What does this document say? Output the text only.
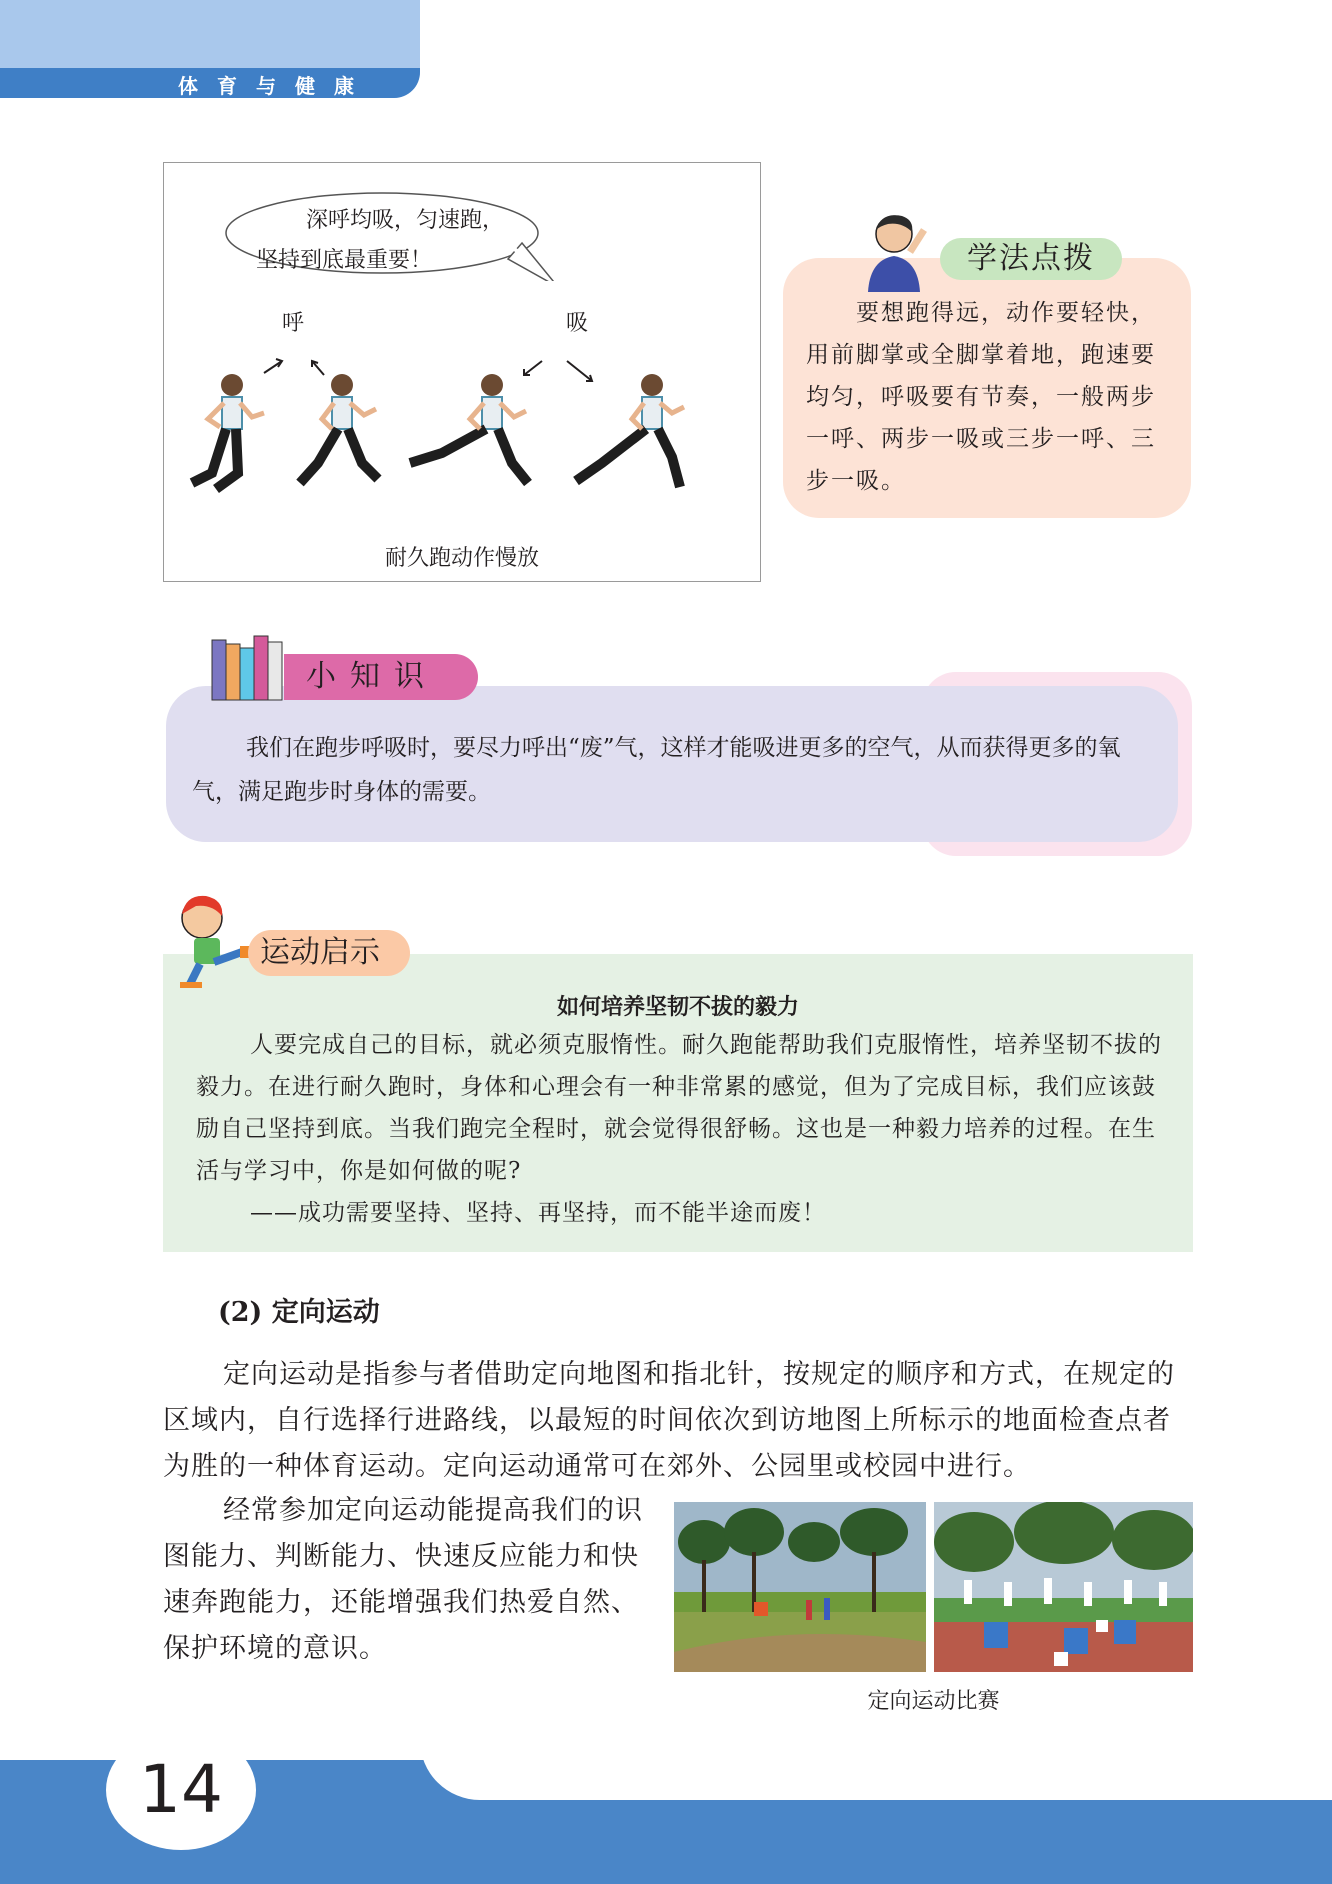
体育与健康
深呼均吸，匀速跑，
坚持到底最重要！
呼	吸
耐久跑动作慢放
学法点拨
要想跑得远，动作要轻快，用前脚掌或全脚掌着地，跑速要均匀，呼吸要有节奏，一般两步一呼、两步一吸或三步一呼、三步一吸。
小知识
我们在跑步呼吸时，要尽力呼出“废”气，这样才能吸进更多的空气，从而获得更多的氧气，满足跑步时身体的需要。
运动启示
如何培养坚韧不拔的毅力
人要完成自己的目标，就必须克服惰性。耐久跑能帮助我们克服惰性，培养坚韧不拔的毅力。在进行耐久跑时，身体和心理会有一种非常累的感觉，但为了完成目标，我们应该鼓励自己坚持到底。当我们跑完全程时，就会觉得很舒畅。这也是一种毅力培养的过程。在生活与学习中，你是如何做的呢?
——成功需要坚持、坚持、再坚持，而不能半途而废！
(2) 定向运动
定向运动是指参与者借助定向地图和指北针，按规定的顺序和方式，在规定的区域内，自行选择行进路线，以最短的时间依次到访地图上所标示的地面检查点者为胜的一种体育运动。定向运动通常可在郊外、公园里或校园中进行。
经常参加定向运动能提高我们的识图能力、判断能力、快速反应能力和快速奔跑能力，还能增强我们热爱自然、保护环境的意识。
定向运动比赛
14
